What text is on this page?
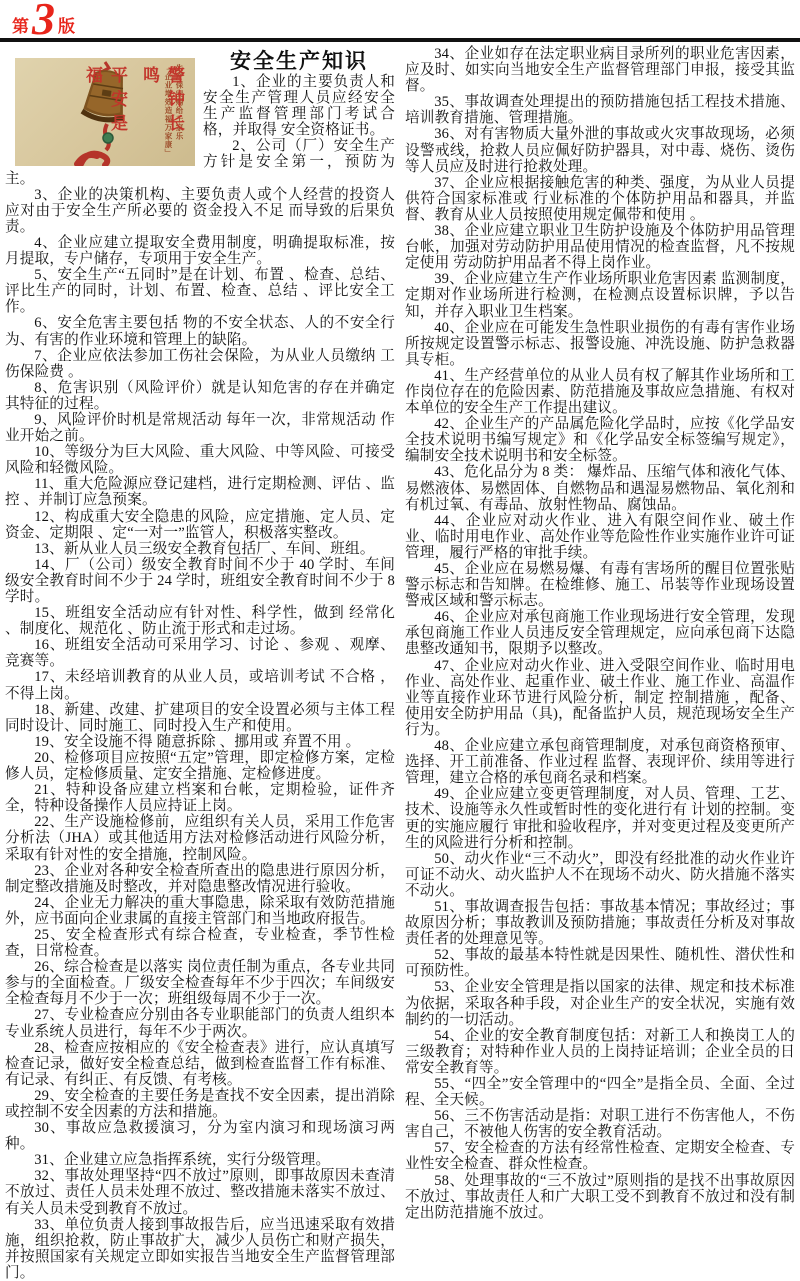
第 3 版
生产保安赐给千家乐
「企业增效造福万家康」
警钟长鸣
平安是福
安全生产知识

1、企业的主要负责人和安全生产管理人员应经安全生产监督管理部门考试合格，并取得 安全资格证书。

2、公司（厂）安全生产方针是安全第一，预防为主。

3、企业的决策机构、主要负责人或个人经营的投资人应对由于安全生产所必要的 资金投入不足 而导致的后果负责。

4、企业应建立提取安全费用制度，明确提取标准，按月提取，专户储存，专项用于安全生产。

5、安全生产“五同时”是在计划、布置 、检查、总结、评比生产的同时，计划、布置、检查、总结 、评比安全工作。

6、安全危害主要包括 物的不安全状态、人的不安全行为、有害的作业环境和管理上的缺陷。

7、企业应依法参加工伤社会保险，为从业人员缴纳 工伤保险费 。

8、危害识别（风险评价）就是认知危害的存在并确定其特征的过程。

9、风险评价时机是常规活动 每年一次，非常规活动 作业开始之前。

10、等级分为巨大风险、重大风险、中等风险、可接受风险和轻微风险。

11、重大危险源应登记建档，进行定期检测、评估 、监控 、并制订应急预案。

12、构成重大安全隐患的风险，应定措施、定人员、定资金、定期限 、定“一对一”监管人，积极落实整改。

13、新从业人员三级安全教育包括厂、车间、班组。

14、厂（公司）级安全教育时间不少于 40 学时、车间级安全教育时间不少于 24 学时，班组安全教育时间不少于 8 学时。

15、班组安全活动应有针对性、科学性，做到 经常化 、制度化、规范化 、防止流于形式和走过场。

16、班组安全活动可采用学习、讨论 、参观 、观摩、竞赛等。

17、未经培训教育的从业人员，或培训考试 不合格 ，不得上岗。

18、新建、改建、扩建项目的安全设置必须与主体工程同时设计、同时施工、同时投入生产和使用。

19、安全设施不得 随意拆除 、挪用或 弃置不用 。

20、检修项目应按照“五定”管理，即定检修方案，定检修人员，定检修质量、定安全措施、定检修进度。

21、特种设备应建立档案和台帐，定期检验，证件齐全，特种设备操作人员应持证上岗。

22、生产设施检修前，应组织有关人员，采用工作危害分析法（JHA）或其他适用方法对检修活动进行风险分析，采取有针对性的安全措施，控制风险。

23、企业对各种安全检查所查出的隐患进行原因分析，制定整改措施及时整改，并对隐患整改情况进行验收。

24、企业无力解决的重大事隐患，除采取有效防范措施外，应书面向企业隶属的直接主管部门和当地政府报告。

25、安全检查形式有综合检查，专业检查，季节性检查，日常检查。

26、综合检查是以落实 岗位责任制为重点，各专业共同参与的全面检查。厂级安全检查每年不少于四次；车间级安全检查每月不少于一次；班组级每周不少于一次。

27、专业检查应分别由各专业职能部门的负责人组织本专业系统人员进行，每年不少于两次。

28、检查应按相应的《安全检查表》进行，应认真填写检查记录，做好安全检查总结，做到检查监督工作有标准、有记录、有纠正、有反馈、有考核。

29、安全检查的主要任务是查找不安全因素，提出消除或控制不安全因素的方法和措施。

30、事故应急救援演习，分为室内演习和现场演习两种。

31、企业建立应急指挥系统，实行分级管理。

32、事故处理坚持“四不放过”原则，即事故原因未查清不放过、责任人员未处理不放过、整改措施未落实不放过、有关人员未受到教育不放过。

33、单位负责人接到事故报告后，应当迅速采取有效措施，组织抢救，防止事故扩大，减少人员伤亡和财产损失，并按照国家有关规定立即如实报告当地安全生产监督管理部门。

34、企业如存在法定职业病目录所列的职业危害因素，应及时、如实向当地安全生产监督管理部门申报，接受其监督。

35、事故调查处理提出的预防措施包括工程技术措施、培训教育措施、管理措施。

36、对有害物质大量外泄的事故或火灾事故现场，必须设警戒线，抢救人员应佩好防护器具，对中毒、烧伤、烫伤等人员应及时进行抢救处理。

37、企业应根据接触危害的种类、强度，为从业人员提供符合国家标准或 行业标准的个体防护用品和器具，并监督、教育从业人员按照使用规定佩带和使用 。

38、企业应建立职业卫生防护设施及个体防护用品管理台帐，加强对劳动防护用品使用情况的检查监督，凡不按规定使用 劳动防护用品者不得上岗作业。

39、企业应建立生产作业场所职业危害因素 监测制度，定期对作业场所进行检测，在检测点设置标识牌，予以告知，并存入职业卫生档案。

40、企业应在可能发生急性职业损伤的有毒有害作业场所按规定设置警示标志、报警设施、冲洗设施、防护急救器具专柜。

41、生产经营单位的从业人员有权了解其作业场所和工作岗位存在的危险因素、防范措施及事故应急措施、有权对本单位的安全生产工作提出建议。

42、企业生产的产品属危险化学品时，应按《化学品安全技术说明书编写规定》和《化学品安全标签编写规定》，编制安全技术说明书和安全标签。

43、危化品分为 8 类： 爆炸品、压缩气体和液化气体、易燃液体、易燃固体、自燃物品和遇湿易燃物品、氧化剂和有机过氧、有毒品、放射性物品、腐蚀品。

44、企业应对动火作业、进入有限空间作业、破土作业、临时用电作业、高处作业等危险性作业实施作业许可证管理，履行严格的审批手续。

45、企业应在易燃易爆、有毒有害场所的醒目位置张贴警示标志和告知牌。在检维修、施工、吊装等作业现场设置警戒区域和警示标志。

46、企业应对承包商施工作业现场进行安全管理，发现承包商施工作业人员违反安全管理规定，应向承包商下达隐患整改通知书，限期予以整改。

47、企业应对动火作业、进入受限空间作业、临时用电作业、高处作业、起重作业、破土作业、施工作业、高温作业等直接作业环节进行风险分析，制定 控制措施 ，配备、使用安全防护用品（具)，配备监护人员，规范现场安全生产行为。

48、企业应建立承包商管理制度，对承包商资格预审、选择、开工前准备、作业过程 监督、表现评价、续用等进行管理，建立合格的承包商名录和档案。

49、企业应建立变更管理制度，对人员、管理、工艺、技术、设施等永久性或暂时性的变化进行有 计划的控制。变更的实施应履行 审批和验收程序，并对变更过程及变更所产生的风险进行分析和控制。

50、动火作业“三不动火”，即没有经批准的动火作业许可证不动火、动火监护人不在现场不动火、防火措施不落实不动火。

51、事故调查报告包括：事故基本情况；事故经过；事故原因分析；事故教训及预防措施；事故责任分析及对事故责任者的处理意见等。

52、事故的最基本特性就是因果性、随机性、潜伏性和可预防性。

53、企业安全管理是指以国家的法律、规定和技术标准为依据，采取各种手段，对企业生产的安全状况，实施有效制约的一切活动。

54、企业的安全教育制度包括：对新工人和换岗工人的三级教育；对特种作业人员的上岗持证培训；企业全员的日常安全教育等。

55、“四全”安全管理中的“四全”是指全员、全面、全过程、全天候。

56、三不伤害活动是指：对职工进行不伤害他人，不伤害自己，不被他人伤害的安全教育活动。

57、安全检查的方法有经常性检查、定期安全检查、专业性安全检查、群众性检查。

58、处理事故的“三不放过”原则指的是找不出事故原因不放过、事故责任人和广大职工受不到教育不放过和没有制定出防范措施不放过。
